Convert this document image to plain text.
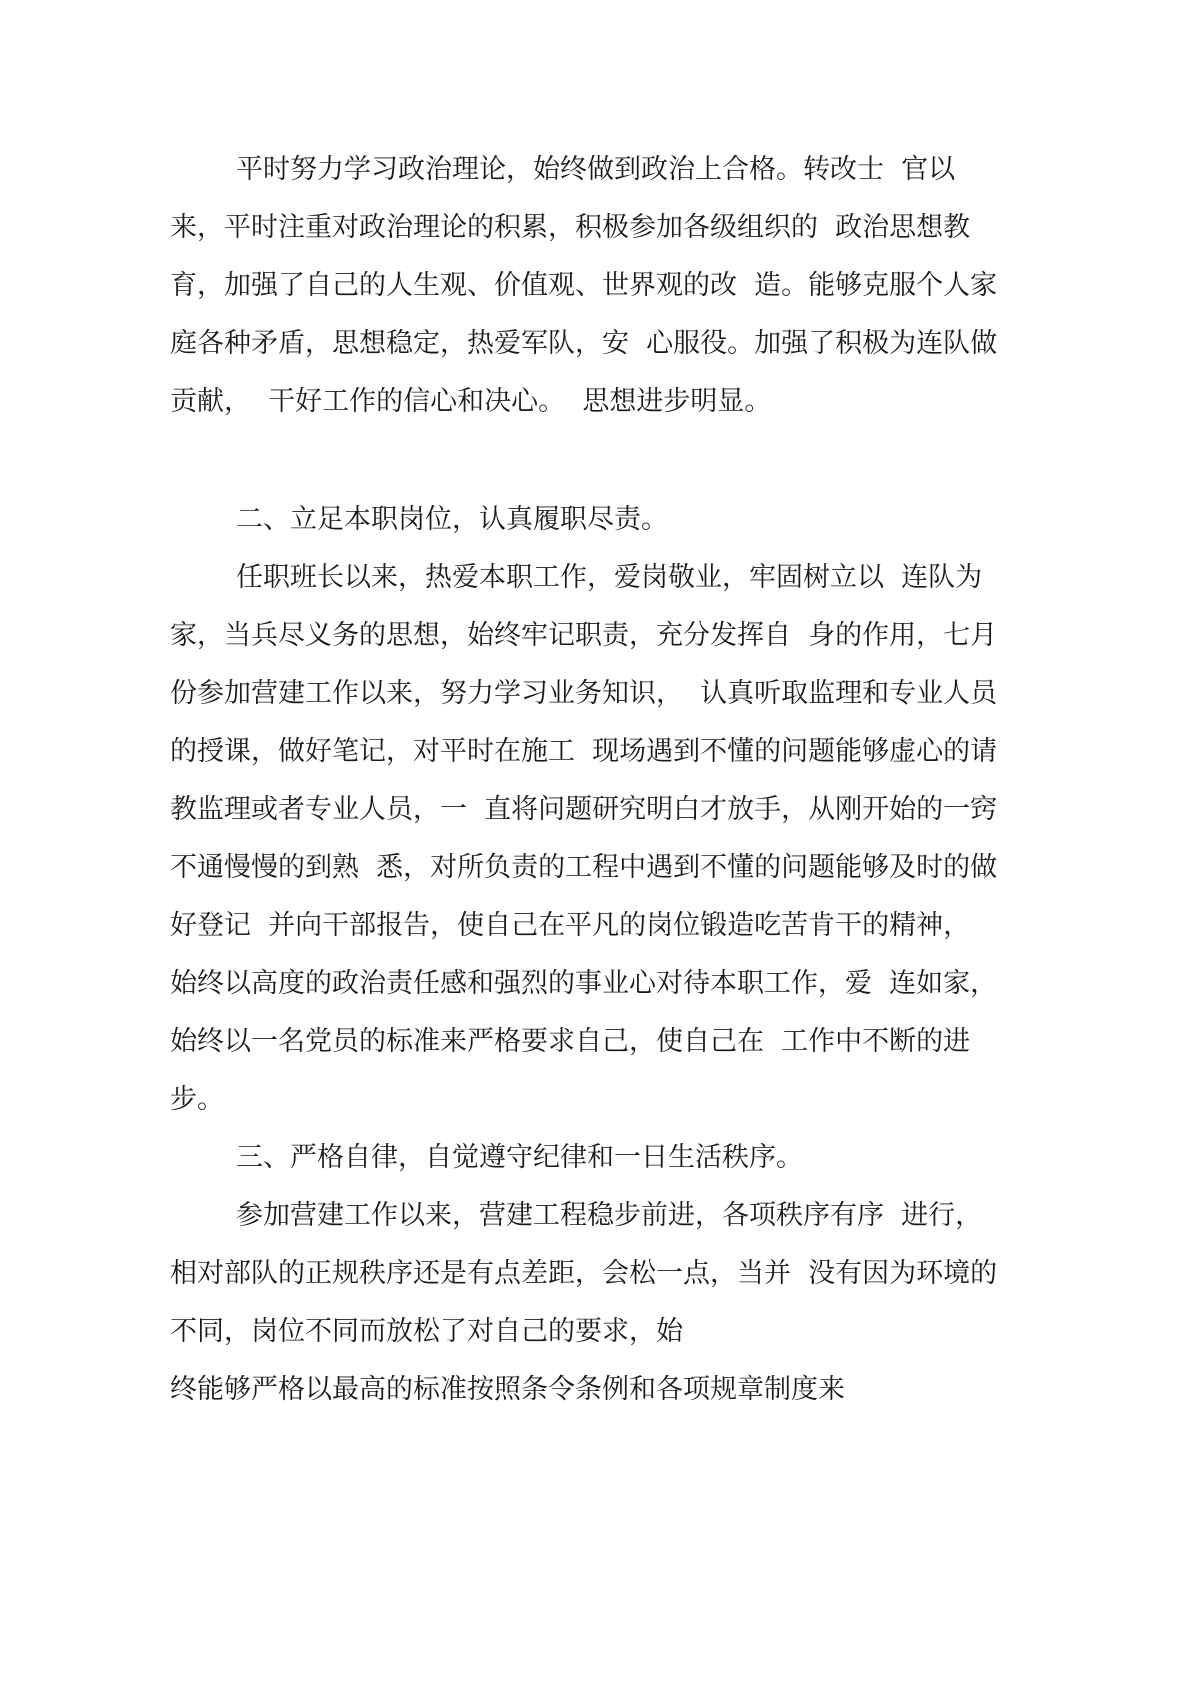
平时努力学习政治理论，始终做到政治上合格。转改士  官以
来，平时注重对政治理论的积累，积极参加各级组织的  政治思想教
育，加强了自己的人生观、价值观、世界观的改  造。能够克服个人家
庭各种矛盾，思想稳定，热爱军队，安  心服役。加强了积极为连队做
贡献，  干好工作的信心和决心。  思想进步明显。
二、立足本职岗位，认真履职尽责。
任职班长以来，热爱本职工作，爱岗敬业，牢固树立以  连队为
家，当兵尽义务的思想，始终牢记职责，充分发挥自  身的作用，七月
份参加营建工作以来，努力学习业务知识，  认真听取监理和专业人员
的授课，做好笔记，对平时在施工  现场遇到不懂的问题能够虚心的请
教监理或者专业人员，一  直将问题研究明白才放手，从刚开始的一窍
不通慢慢的到熟  悉，对所负责的工程中遇到不懂的问题能够及时的做
好登记  并向干部报告，使自己在平凡的岗位锻造吃苦肯干的精神，
始终以高度的政治责任感和强烈的事业心对待本职工作，爱  连如家，
始终以一名党员的标准来严格要求自己，使自己在  工作中不断的进
步。
三、严格自律，自觉遵守纪律和一日生活秩序。
参加营建工作以来，营建工程稳步前进，各项秩序有序  进行，
相对部队的正规秩序还是有点差距，会松一点，当并  没有因为环境的
不同，岗位不同而放松了对自己的要求，始
终能够严格以最高的标准按照条令条例和各项规章制度来
